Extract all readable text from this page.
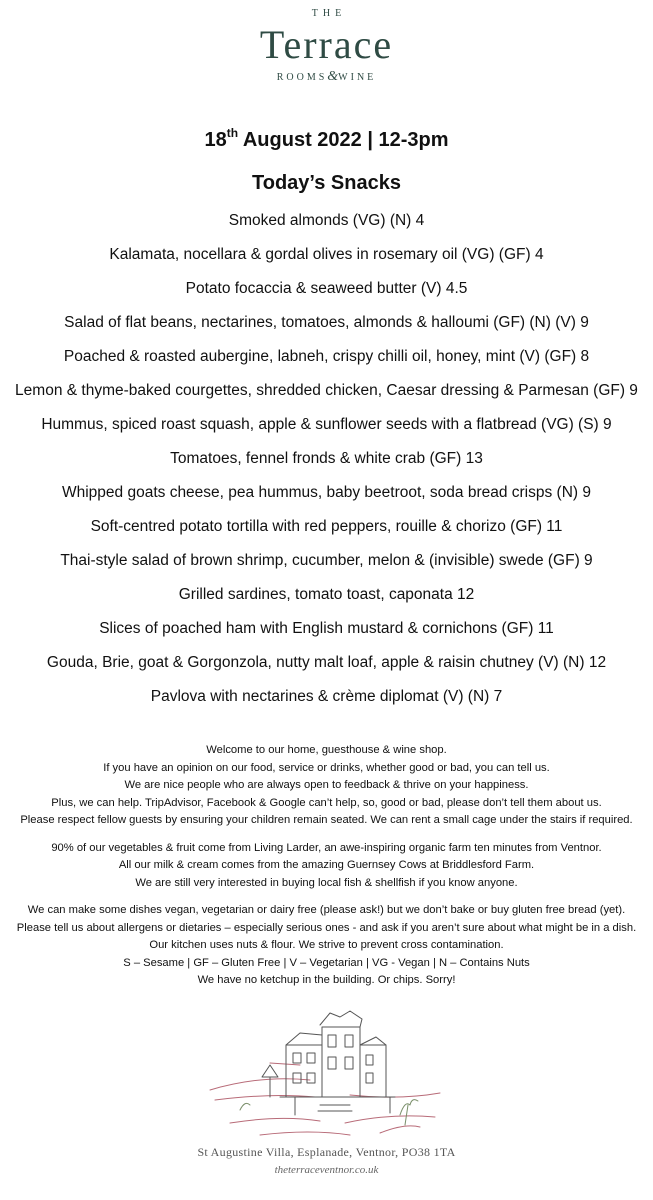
THE
Terrace
ROOMS&WINE
18th August 2022 | 12-3pm
Today’s Snacks
Smoked almonds (VG) (N) 4
Kalamata, nocellara & gordal olives in rosemary oil (VG) (GF) 4
Potato focaccia & seaweed butter (V) 4.5
Salad of flat beans, nectarines, tomatoes, almonds & halloumi (GF) (N) (V) 9
Poached & roasted aubergine, labneh, crispy chilli oil, honey, mint (V) (GF) 8
Lemon & thyme-baked courgettes, shredded chicken, Caesar dressing & Parmesan (GF) 9
Hummus, spiced roast squash, apple & sunflower seeds with a flatbread (VG) (S) 9
Tomatoes, fennel fronds & white crab (GF) 13
Whipped goats cheese, pea hummus, baby beetroot, soda bread crisps (N) 9
Soft-centred potato tortilla with red peppers, rouille & chorizo (GF) 11
Thai-style salad of brown shrimp, cucumber, melon & (invisible) swede (GF) 9
Grilled sardines, tomato toast, caponata 12
Slices of poached ham with English mustard & cornichons (GF) 11
Gouda, Brie, goat & Gorgonzola, nutty malt loaf, apple & raisin chutney (V) (N) 12
Pavlova with nectarines & crème diplomat (V) (N) 7

Welcome to our home, guesthouse & wine shop.
If you have an opinion on our food, service or drinks, whether good or bad, you can tell us.
We are nice people who are always open to feedback & thrive on your happiness.
Plus, we can help. TripAdvisor, Facebook & Google can’t help, so, good or bad, please don’t tell them about us.
Please respect fellow guests by ensuring your children remain seated. We can rent a small cage under the stairs if required.

90% of our vegetables & fruit come from Living Larder, an awe-inspiring organic farm ten minutes from Ventnor.
All our milk & cream comes from the amazing Guernsey Cows at Briddlesford Farm.
We are still very interested in buying local fish & shellfish if you know anyone.

We can make some dishes vegan, vegetarian or dairy free (please ask!) but we don’t bake or buy gluten free bread (yet).
Please tell us about allergens or dietaries – especially serious ones - and ask if you aren’t sure about what might be in a dish.
Our kitchen uses nuts & flour. We strive to prevent cross contamination.
S – Sesame | GF – Gluten Free | V – Vegetarian | VG - Vegan | N – Contains Nuts
We have no ketchup in the building. Or chips. Sorry!

St Augustine Villa, Esplanade, Ventnor, PO38 1TA
theterraceventnor.co.uk
